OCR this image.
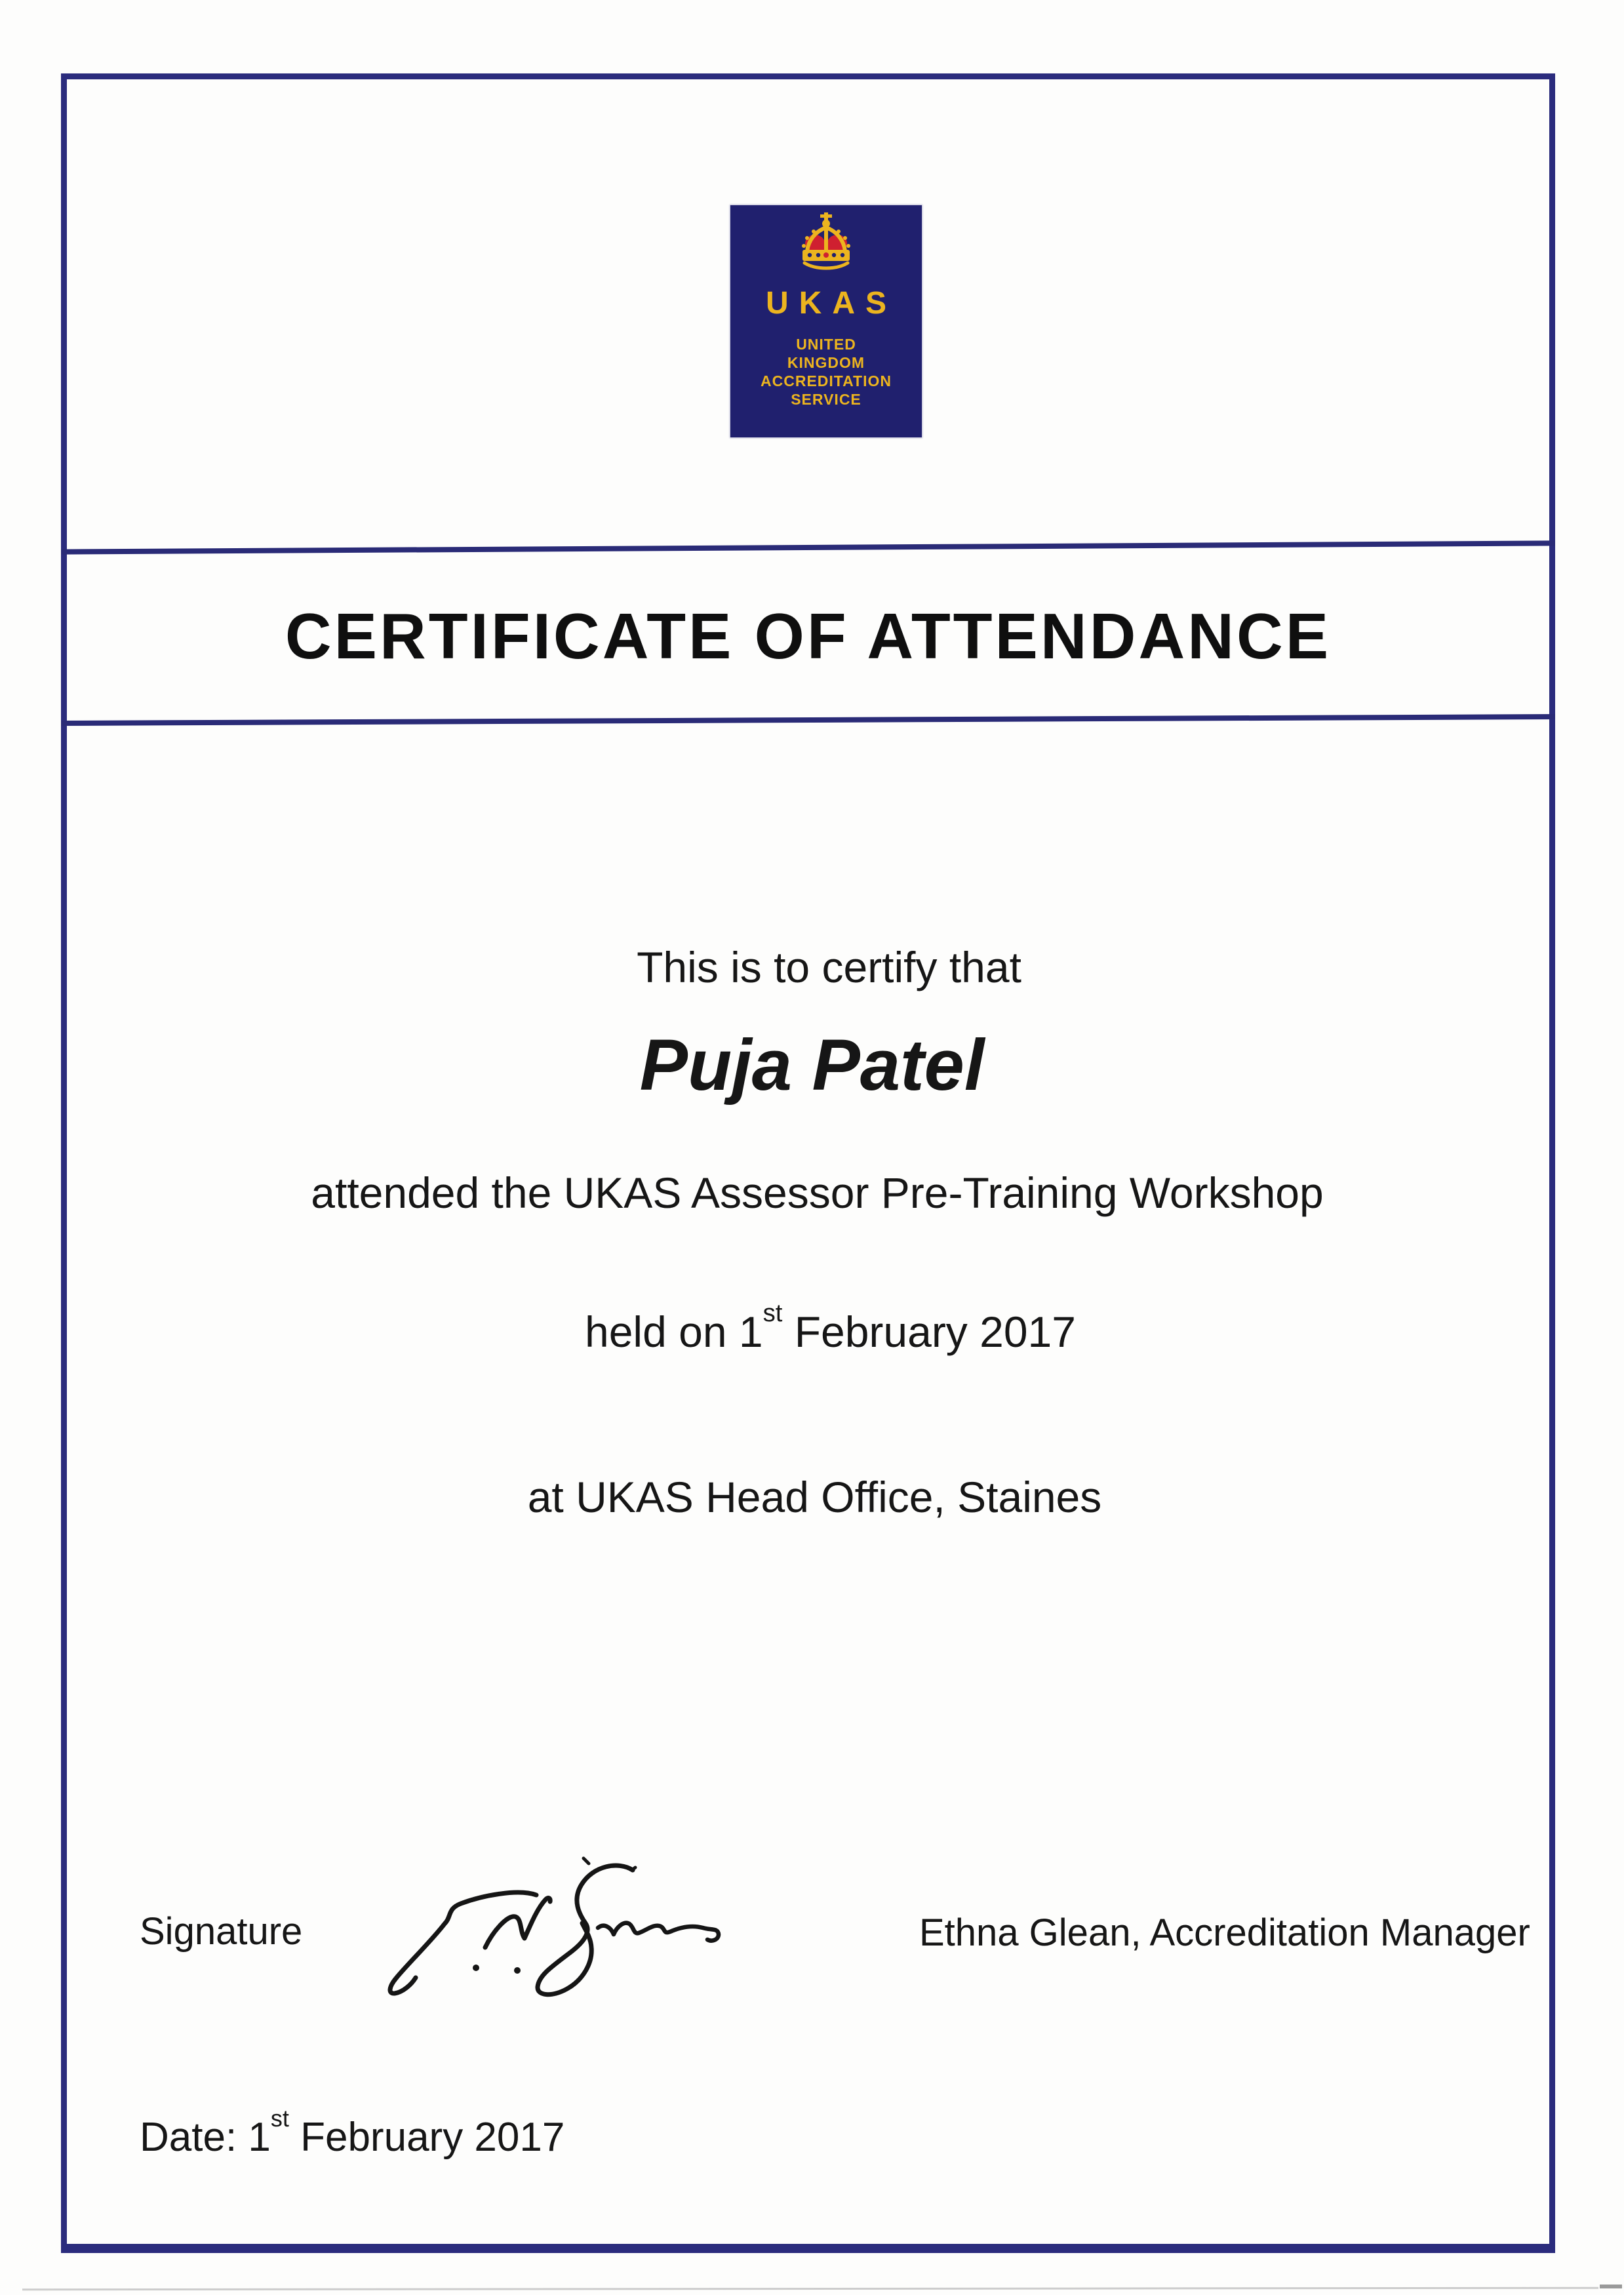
UKAS
UNITED
KINGDOM
ACCREDITATION
SERVICE
CERTIFICATE OF ATTENDANCE
This is to certify that
Puja Patel
attended the UKAS Assessor Pre-Training Workshop
held on 1st February 2017
at UKAS Head Office, Staines
Signature	Ethna Glean, Accreditation Manager
Date: 1st February 2017
